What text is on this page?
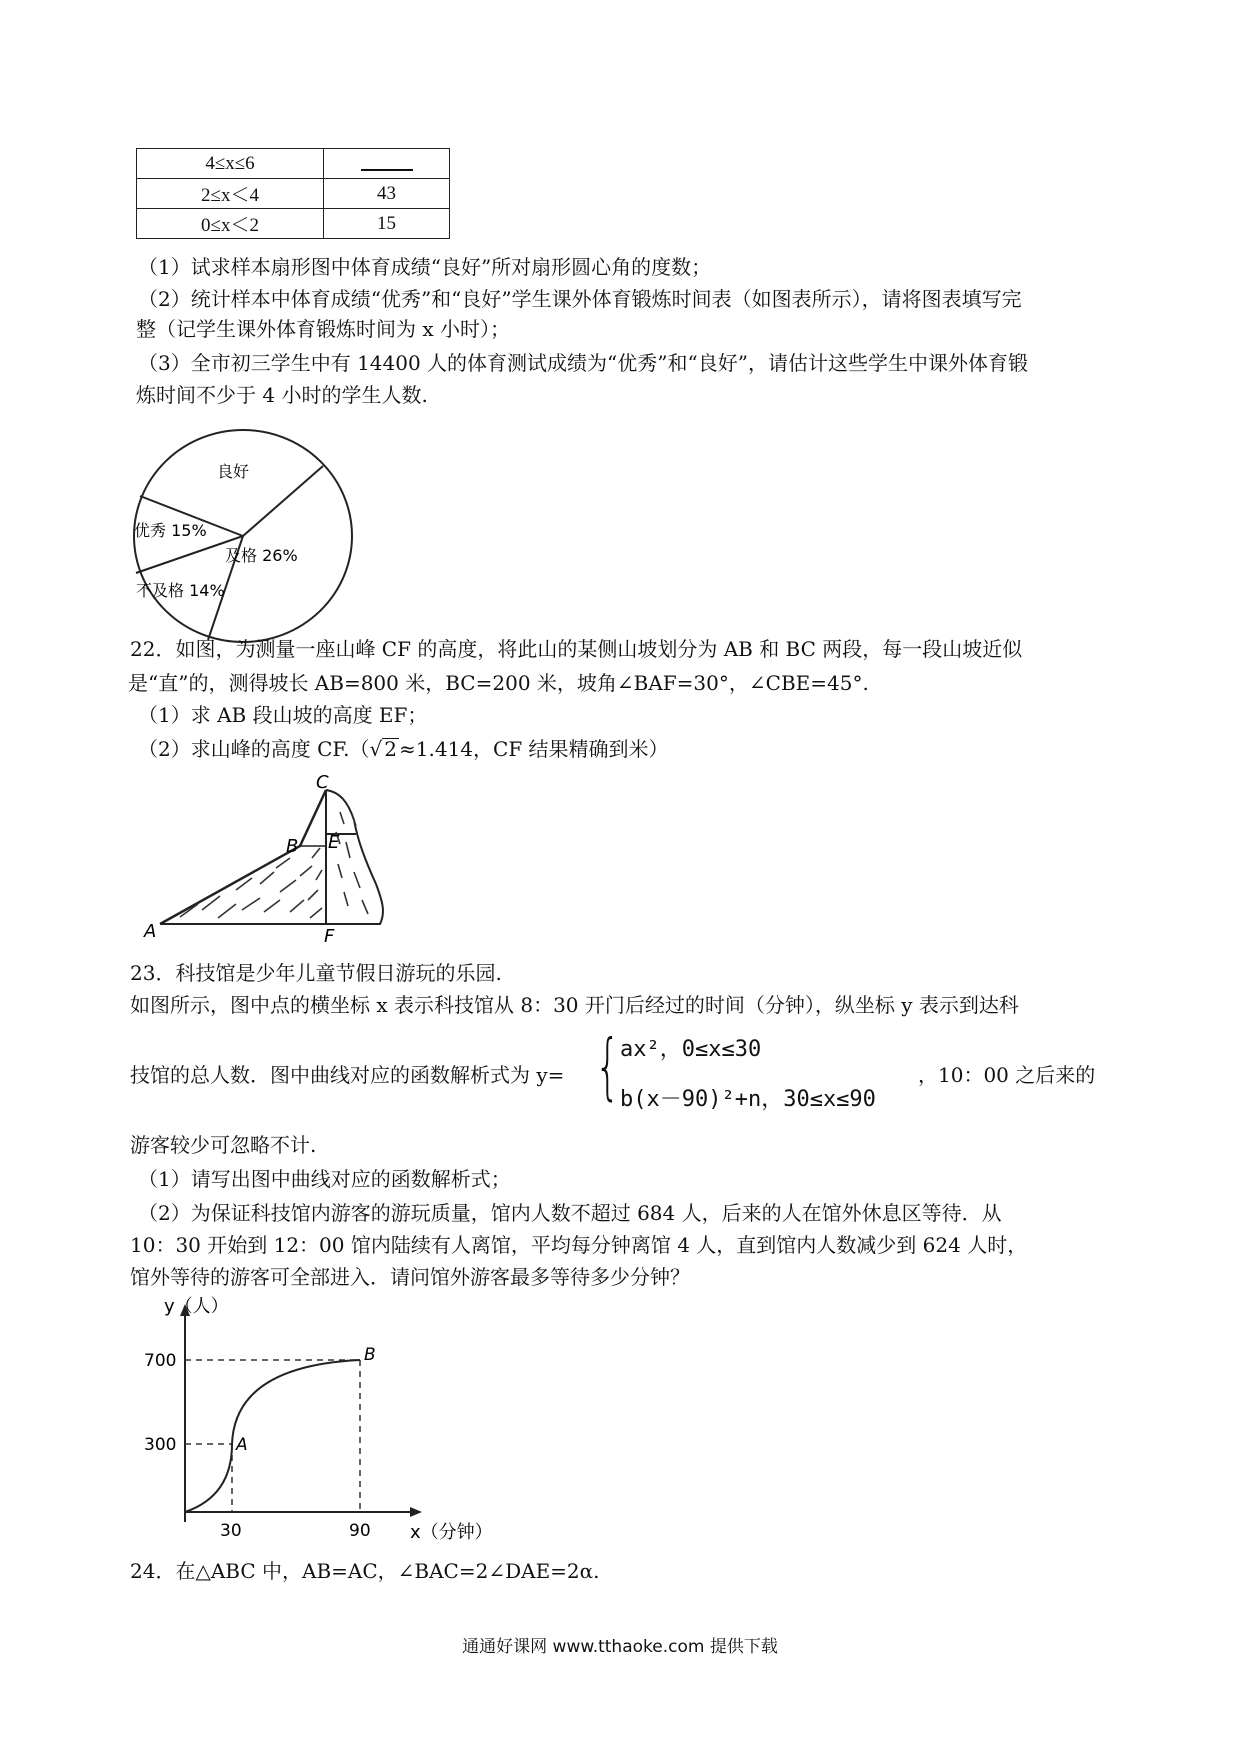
4≤x≤6	
2≤x＜4	43
0≤x＜2	15
（1）试求样本扇形图中体育成绩“良好”所对扇形圆心角的度数；
（2）统计样本中体育成绩“优秀”和“良好”学生课外体育锻炼时间表（如图表所示），请将图表填写完
整（记学生课外体育锻炼时间为 x 小时）；
（3）全市初三学生中有 14400 人的体育测试成绩为“优秀”和“良好”，请估计这些学生中课外体育锻
炼时间不少于 4 小时的学生人数.
良好
优秀 15%
不及格 14%
及格 26%
22．如图，为测量一座山峰 CF 的高度，将此山的某侧山坡划分为 AB 和 BC 两段，每一段山坡近似
是“直”的，测得坡长 AB=800 米，BC=200 米，坡角∠BAF=30°，∠CBE=45°.
（1）求 AB 段山坡的高度 EF；
（2）求山峰的高度 CF.（√ 2 ≈1.414，CF 结果精确到米）
A
B
C
E
F
23．科技馆是少年儿童节假日游玩的乐园.
如图所示，图中点的横坐标 x 表示科技馆从 8：30 开门后经过的时间（分钟），纵坐标 y 表示到达科
技馆的总人数．图中曲线对应的函数解析式为 y= { ax²，0≤x≤30
b(x－90)²+n，30≤x≤90
，10：00 之后来的
游客较少可忽略不计.
（1）请写出图中曲线对应的函数解析式；
（2）为保证科技馆内游客的游玩质量，馆内人数不超过 684 人，后来的人在馆外休息区等待．从
10：30 开始到 12：00 馆内陆续有人离馆，平均每分钟离馆 4 人，直到馆内人数减少到 624 人时，
馆外等待的游客可全部进入．请问馆外游客最多等待多少分钟？
700
300
30	90
A
B
y（人）
x（分钟）
24．在△ABC 中，AB=AC，∠BAC=2∠DAE=2α.
通通好课网 www.tthaoke.com 提供下载
